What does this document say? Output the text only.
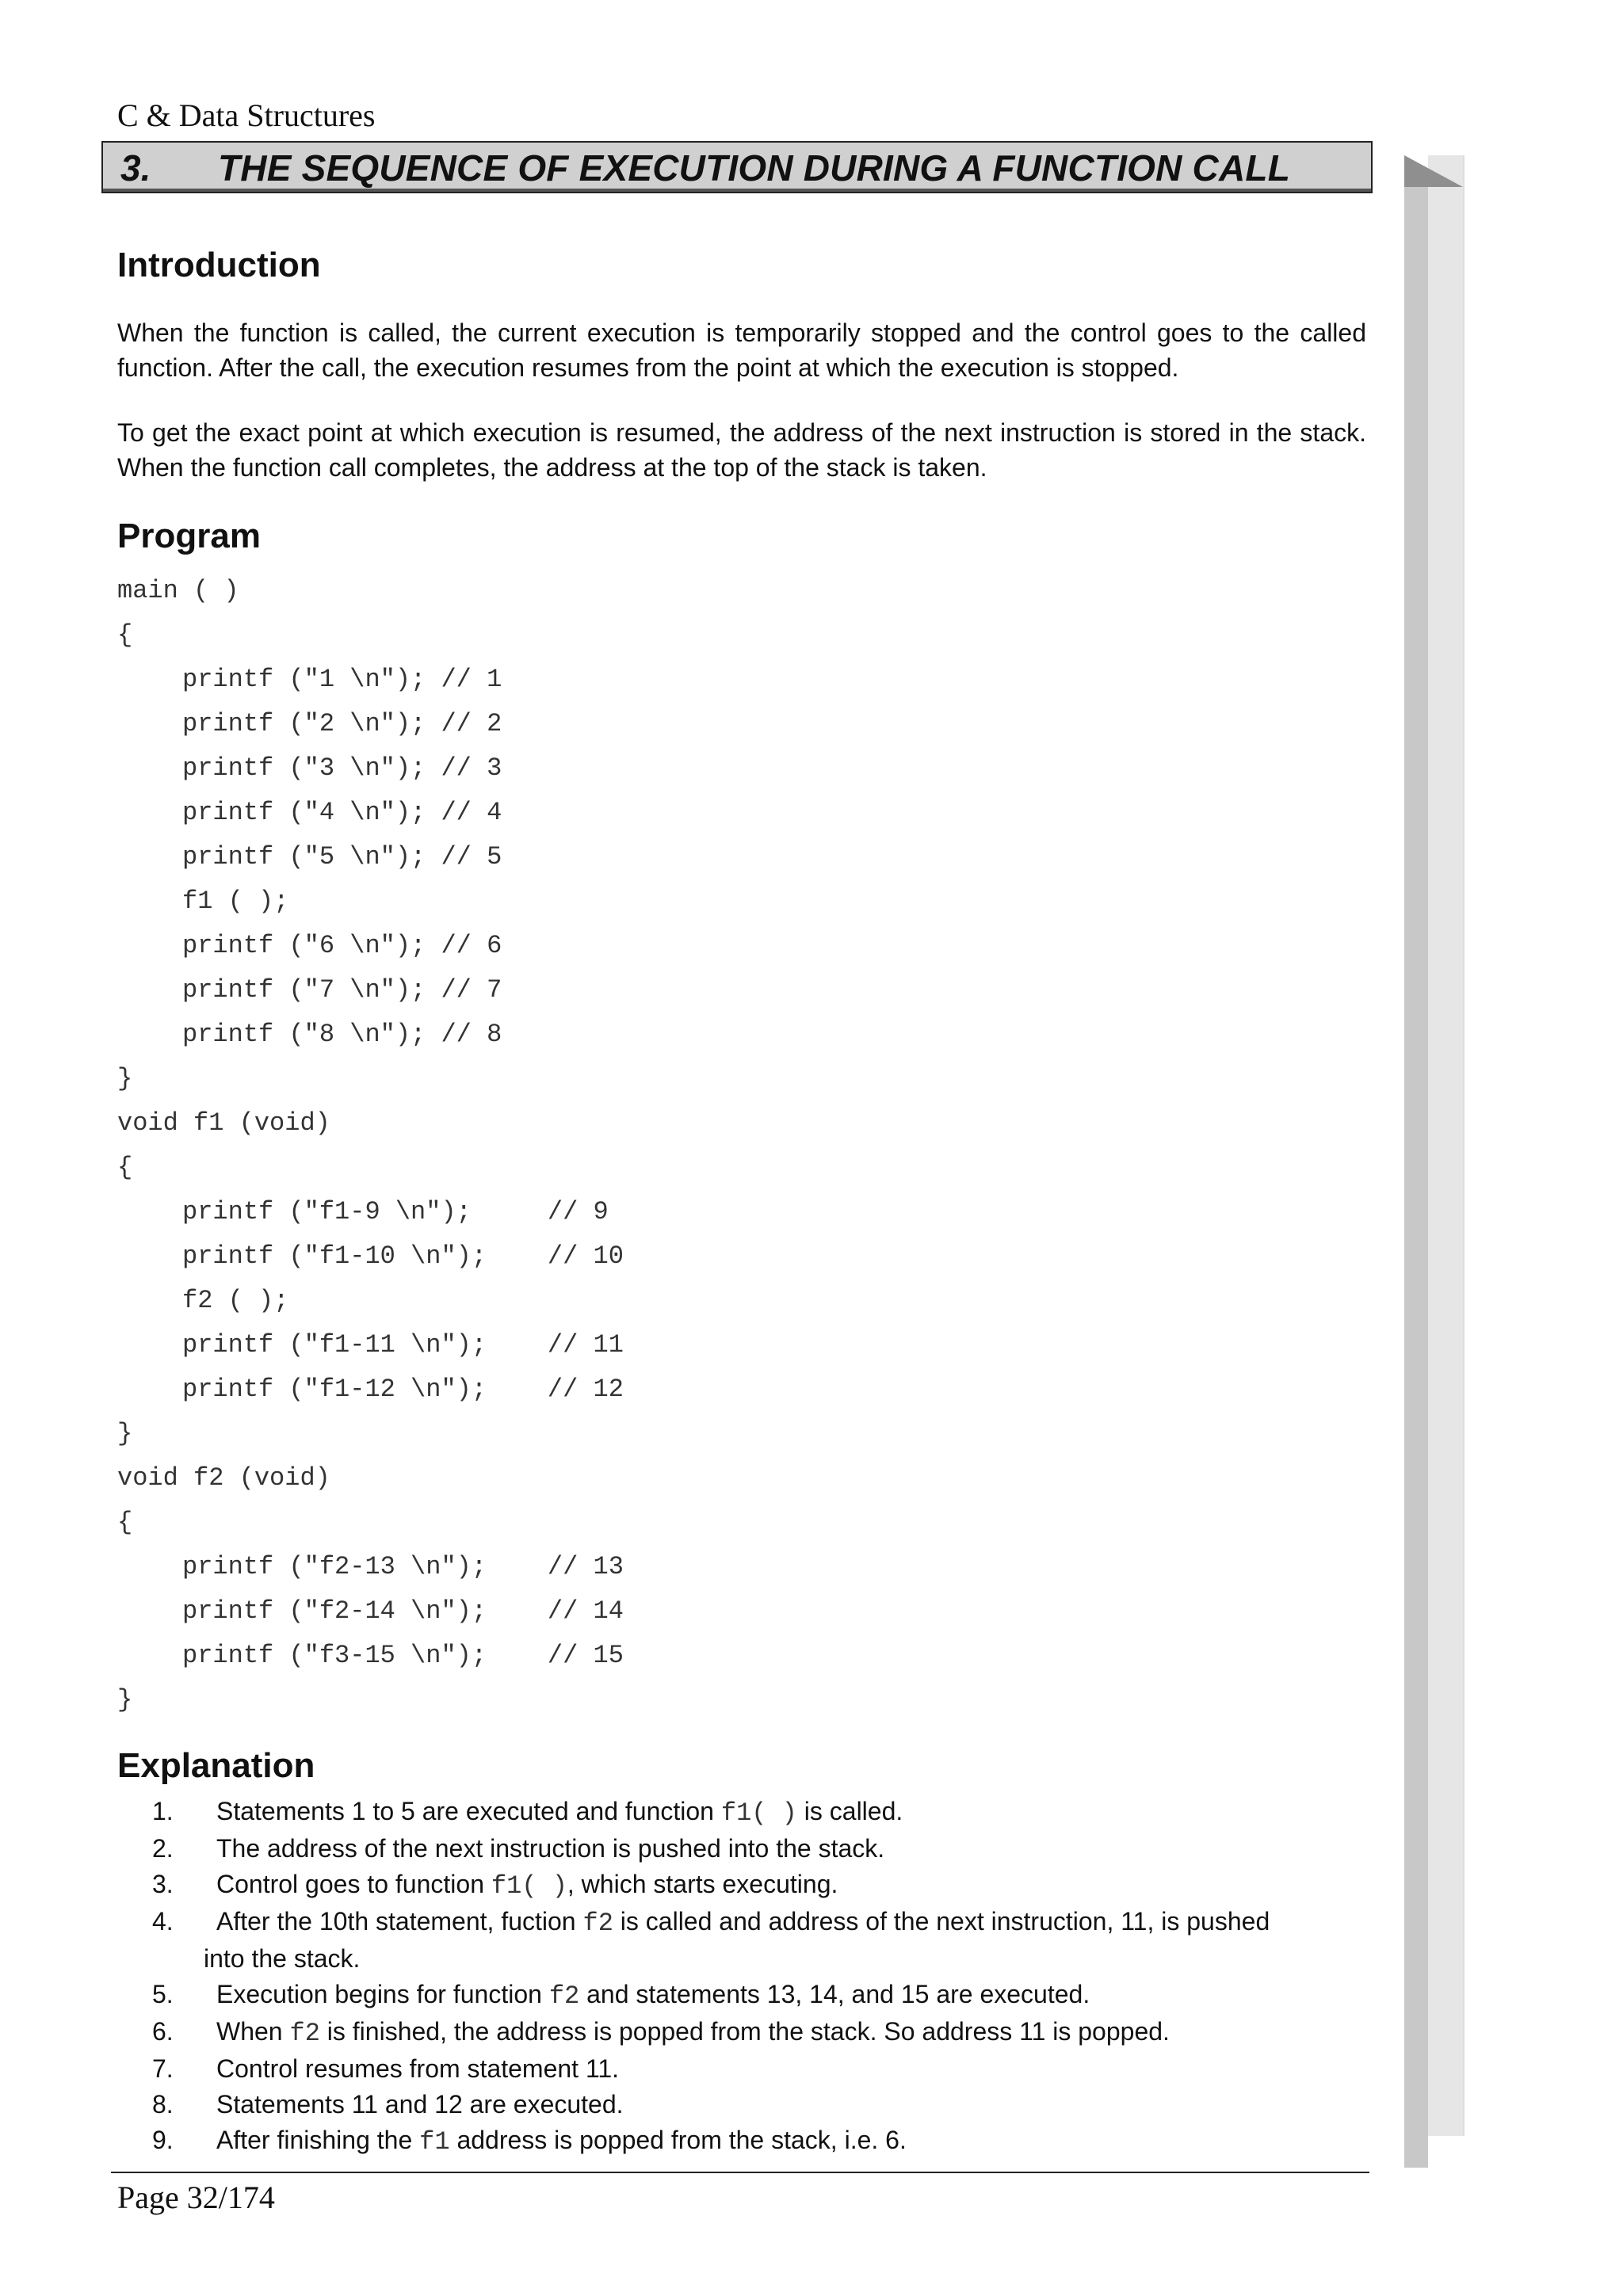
C & Data Structures
3. THE SEQUENCE OF EXECUTION DURING A FUNCTION CALL
Introduction

When the function is called, the current execution is temporarily stopped and the control goes to the called function. After the call, the execution resumes from the point at which the execution is stopped.

To get the exact point at which execution is resumed, the address of the next instruction is stored in the stack. When the function call completes, the address at the top of the stack is taken.

Program
main ( )
{
printf ("1 \n"); // 1
printf ("2 \n"); // 2
printf ("3 \n"); // 3
printf ("4 \n"); // 4
printf ("5 \n"); // 5
f1 ( );
printf ("6 \n"); // 6
printf ("7 \n"); // 7
printf ("8 \n"); // 8
}
void f1 (void)
{
printf ("f1-9 \n");     // 9
printf ("f1-10 \n");    // 10
f2 ( );
printf ("f1-11 \n");    // 11
printf ("f1-12 \n");    // 12
}
void f2 (void)
{
printf ("f2-13 \n");    // 13
printf ("f2-14 \n");    // 14
printf ("f3-15 \n");    // 15
}
Explanation
1. Statements 1 to 5 are executed and function f1( ) is called.
2. The address of the next instruction is pushed into the stack.
3. Control goes to function f1( ), which starts executing.
4. After the 10th statement, fuction f2 is called and address of the next instruction, 11, is pushed
into the stack.
5. Execution begins for function f2 and statements 13, 14, and 15 are executed.
6. When f2 is finished, the address is popped from the stack. So address 11 is popped.
7. Control resumes from statement 11.
8. Statements 11 and 12 are executed.
9. After finishing the f1 address is popped from the stack, i.e. 6.
Page 32/174
